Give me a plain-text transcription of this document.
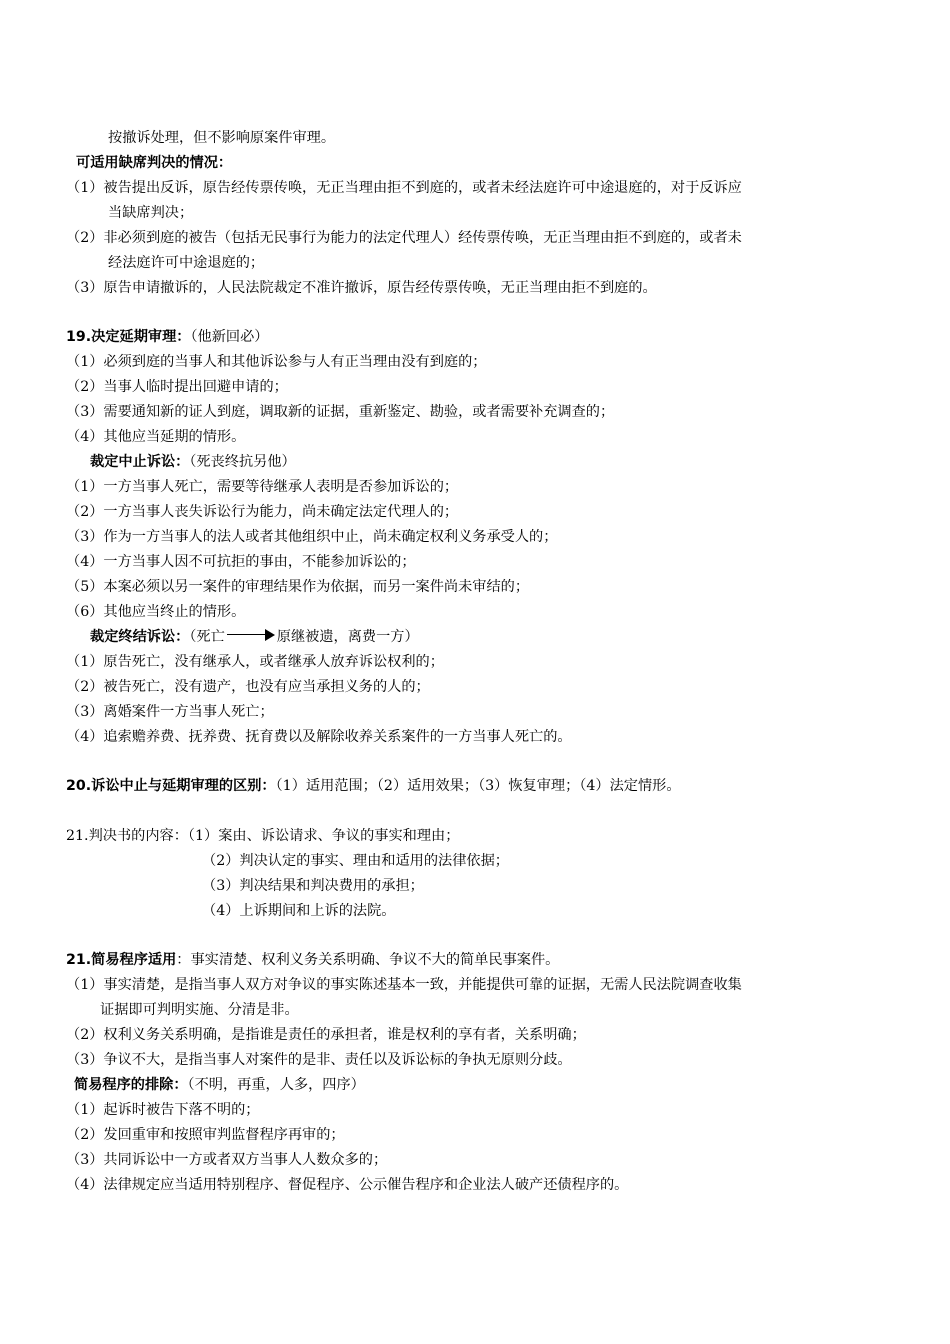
按撤诉处理，但不影响原案件审理。
可适用缺席判决的情况：
（1）被告提出反诉，原告经传票传唤，无正当理由拒不到庭的，或者未经法庭许可中途退庭的，对于反诉应
当缺席判决；
（2）非必须到庭的被告（包括无民事行为能力的法定代理人）经传票传唤，无正当理由拒不到庭的，或者未
经法庭许可中途退庭的；
（3）原告申请撤诉的，人民法院裁定不准许撤诉，原告经传票传唤，无正当理由拒不到庭的。
19.决定延期审理：（他新回必）
（1）必须到庭的当事人和其他诉讼参与人有正当理由没有到庭的；
（2）当事人临时提出回避申请的；
（3）需要通知新的证人到庭，调取新的证据，重新鉴定、勘验，或者需要补充调查的；
（4）其他应当延期的情形。
裁定中止诉讼：（死丧终抗另他）
（1）一方当事人死亡，需要等待继承人表明是否参加诉讼的；
（2）一方当事人丧失诉讼行为能力，尚未确定法定代理人的；
（3）作为一方当事人的法人或者其他组织中止，尚未确定权利义务承受人的；
（4）一方当事人因不可抗拒的事由，不能参加诉讼的；
（5）本案必须以另一案件的审理结果作为依据，而另一案件尚未审结的；
（6）其他应当终止的情形。
裁定终结诉讼：（死亡	原继被遗，离费一方）
（1）原告死亡，没有继承人，或者继承人放弃诉讼权利的；
（2）被告死亡，没有遗产，也没有应当承担义务的人的；
（3）离婚案件一方当事人死亡；
（4）追索赡养费、抚养费、抚育费以及解除收养关系案件的一方当事人死亡的。
20.诉讼中止与延期审理的区别：（1）适用范围；（2）适用效果；（3）恢复审理；（4）法定情形。
21.判决书的内容：（1）案由、诉讼请求、争议的事实和理由；
（2）判决认定的事实、理由和适用的法律依据；
（3）判决结果和判决费用的承担；
（4）上诉期间和上诉的法院。
21.简易程序适用：事实清楚、权利义务关系明确、争议不大的简单民事案件。
（1）事实清楚，是指当事人双方对争议的事实陈述基本一致，并能提供可靠的证据，无需人民法院调查收集
证据即可判明实施、分清是非。
（2）权利义务关系明确，是指谁是责任的承担者，谁是权利的享有者，关系明确；
（3）争议不大，是指当事人对案件的是非、责任以及诉讼标的争执无原则分歧。
简易程序的排除：（不明，再重，人多，四序）
（1）起诉时被告下落不明的；
（2）发回重审和按照审判监督程序再审的；
（3）共同诉讼中一方或者双方当事人人数众多的；
（4）法律规定应当适用特别程序、督促程序、公示催告程序和企业法人破产还债程序的。
